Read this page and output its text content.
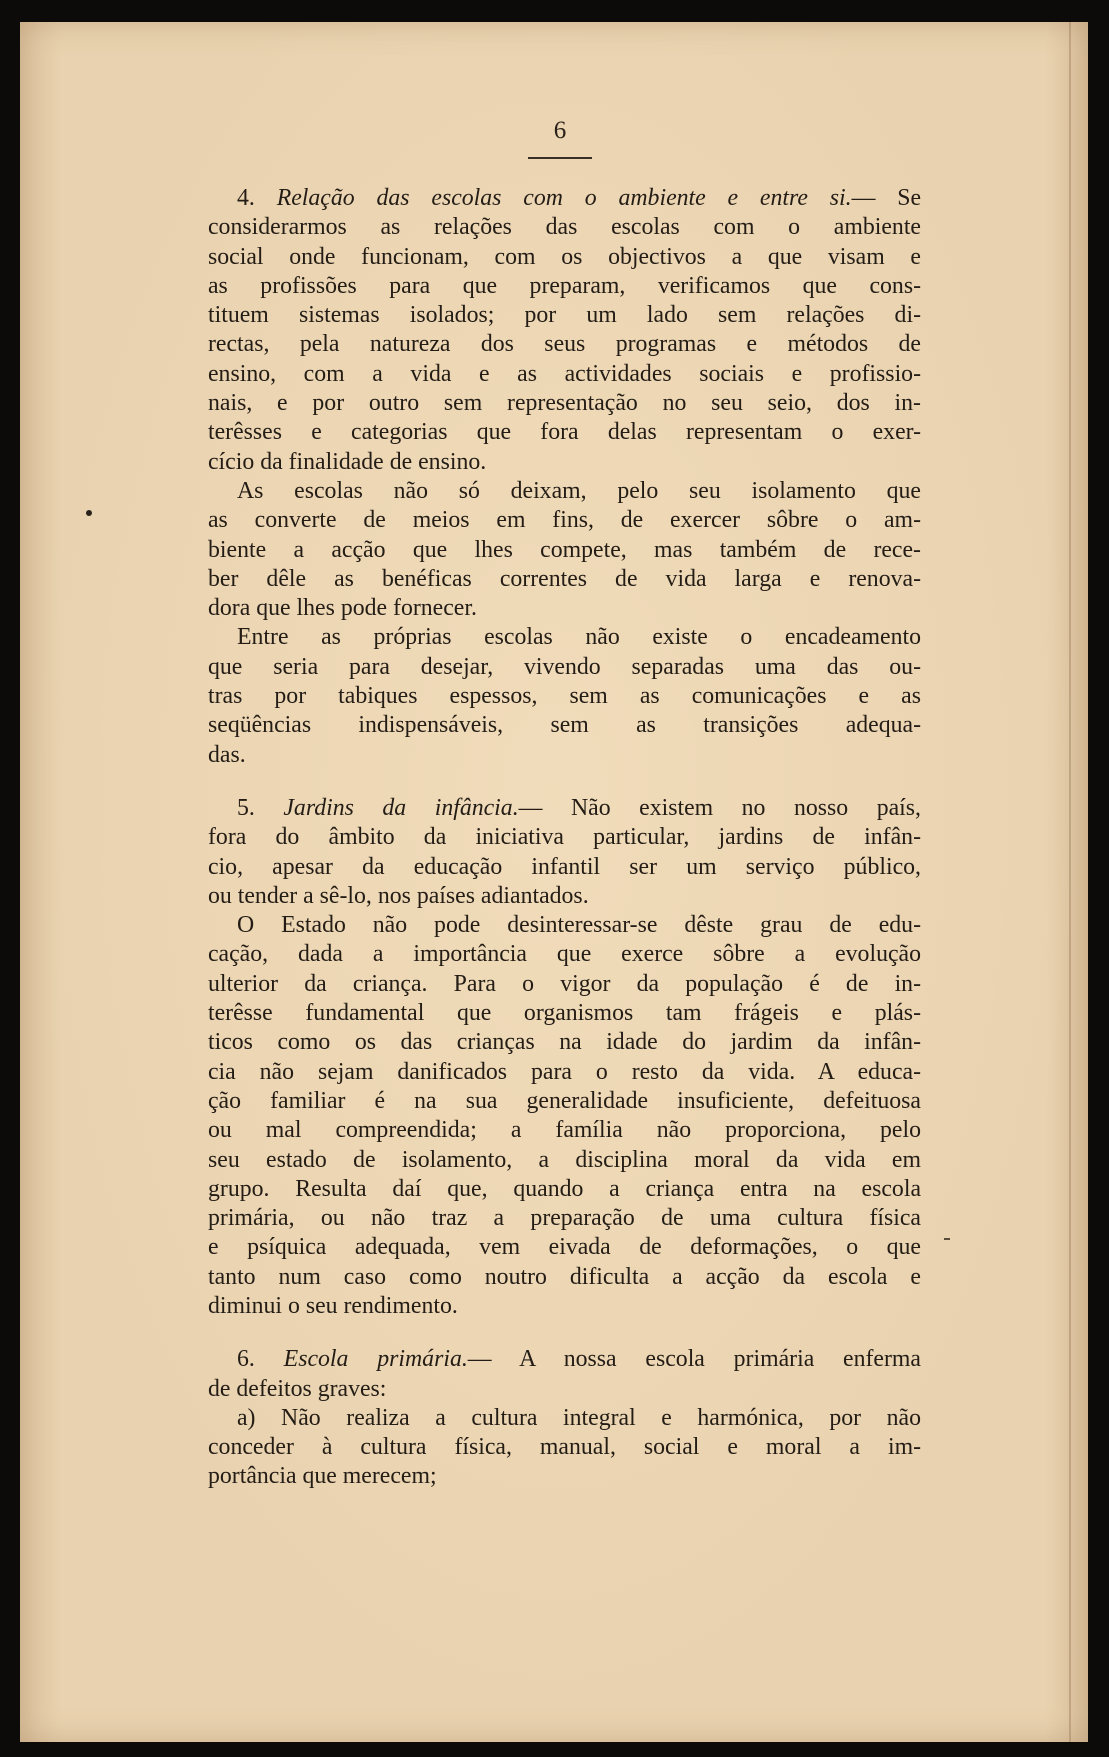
6
4. Relação das escolas com o ambiente e entre si.— Se
considerarmos as relações das escolas com o ambiente
social onde funcionam, com os objectivos a que visam e
as profissões para que preparam, verificamos que cons-
tituem sistemas isolados; por um lado sem relações di-
rectas, pela natureza dos seus programas e métodos de
ensino, com a vida e as actividades sociais e profissio-
nais, e por outro sem representação no seu seio, dos in-
terêsses e categorias que fora delas representam o exer-
cício da finalidade de ensino.
As escolas não só deixam, pelo seu isolamento que
as converte de meios em fins, de exercer sôbre o am-
biente a acção que lhes compete, mas também de rece-
ber dêle as benéficas correntes de vida larga e renova-
dora que lhes pode fornecer.
Entre as próprias escolas não existe o encadeamento
que seria para desejar, vivendo separadas uma das ou-
tras por tabiques espessos, sem as comunicações e as
seqüências indispensáveis, sem as transições adequa-
das.
5. Jardins da infância.— Não existem no nosso país,
fora do âmbito da iniciativa particular, jardins de infân-
cio, apesar da educação infantil ser um serviço público,
ou tender a sê-lo, nos países adiantados.
O Estado não pode desinteressar-se dêste grau de edu-
cação, dada a importância que exerce sôbre a evolução
ulterior da criança. Para o vigor da população é de in-
terêsse fundamental que organismos tam frágeis e plás-
ticos como os das crianças na idade do jardim da infân-
cia não sejam danificados para o resto da vida. A educa-
ção familiar é na sua generalidade insuficiente, defeituosa
ou mal compreendida; a família não proporciona, pelo
seu estado de isolamento, a disciplina moral da vida em
grupo. Resulta daí que, quando a criança entra na escola
primária, ou não traz a preparação de uma cultura física
e psíquica adequada, vem eivada de deformações, o que
tanto num caso como noutro dificulta a acção da escola e
diminui o seu rendimento.
6. Escola primária.— A nossa escola primária enferma
de defeitos graves:
a) Não realiza a cultura integral e harmónica, por não
conceder à cultura física, manual, social e moral a im-
portância que merecem;
